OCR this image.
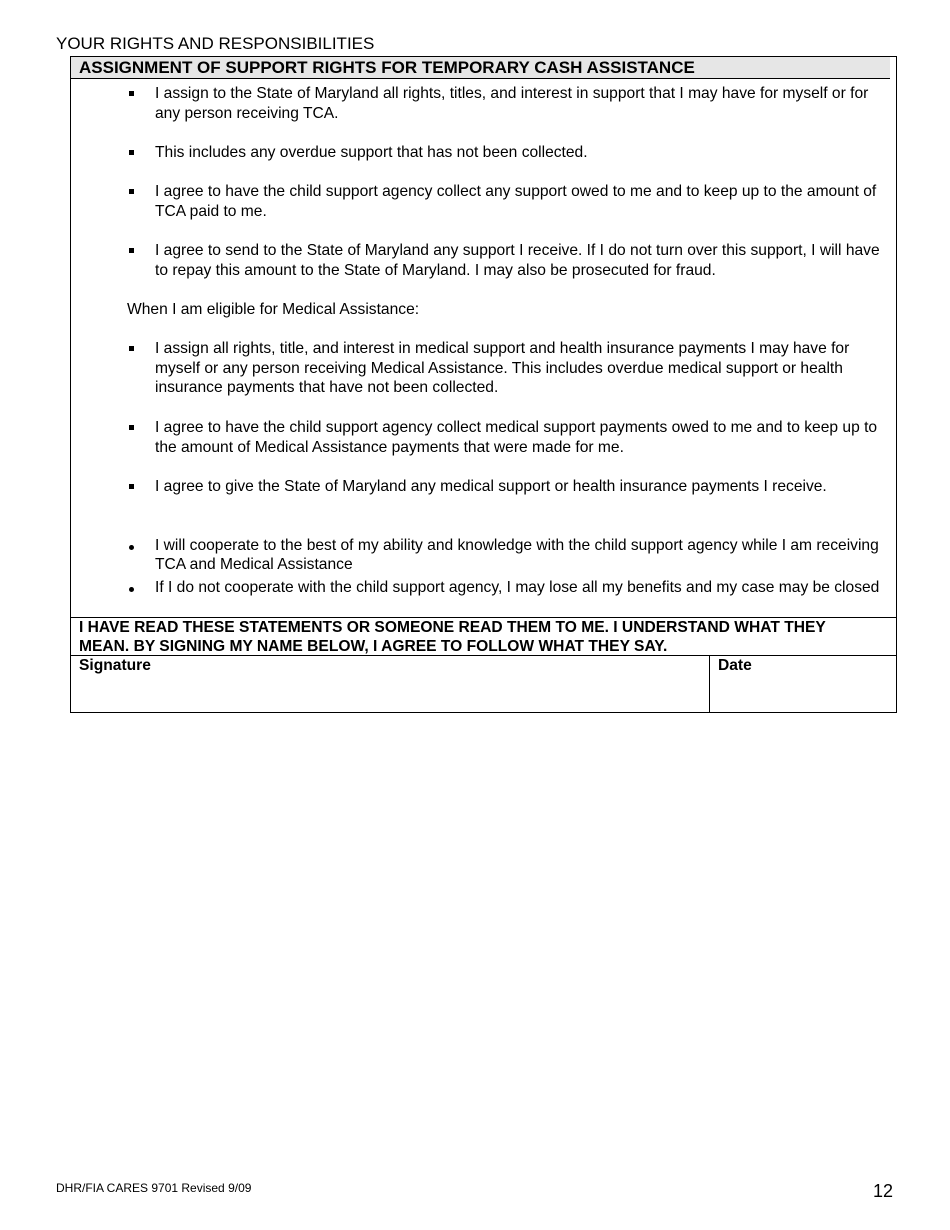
YOUR RIGHTS AND RESPONSIBILITIES
ASSIGNMENT OF SUPPORT RIGHTS FOR TEMPORARY CASH ASSISTANCE
I assign to the State of Maryland all rights, titles, and interest in support that I may have for myself or for any person receiving TCA.
This includes any overdue support that has not been collected.
I agree to have the child support agency collect any support owed to me and to keep up to the amount of TCA paid to me.
I agree to send to the State of Maryland any support I receive. If I do not turn over this support, I will have to repay this amount to the State of Maryland. I may also be prosecuted for fraud.
When I am eligible for Medical Assistance:
I assign all rights, title, and interest in medical support and health insurance payments I may have for myself or any person receiving Medical Assistance. This includes overdue medical support or health insurance payments that have not been collected.
I agree to have the child support agency collect medical support payments owed to me and to keep up to the amount of Medical Assistance payments that were made for me.
I agree to give the State of Maryland any medical support or health insurance payments I receive.
I will cooperate to the best of my ability and knowledge with the child support agency while I am receiving TCA and Medical Assistance
If I do not cooperate with the child support agency, I may lose all my benefits and my case may be closed
I HAVE READ THESE STATEMENTS OR SOMEONE READ THEM TO ME. I UNDERSTAND WHAT THEY MEAN. BY SIGNING MY NAME BELOW, I AGREE TO FOLLOW WHAT THEY SAY.
Signature	Date
DHR/FIA CARES 9701 Revised 9/09	12
